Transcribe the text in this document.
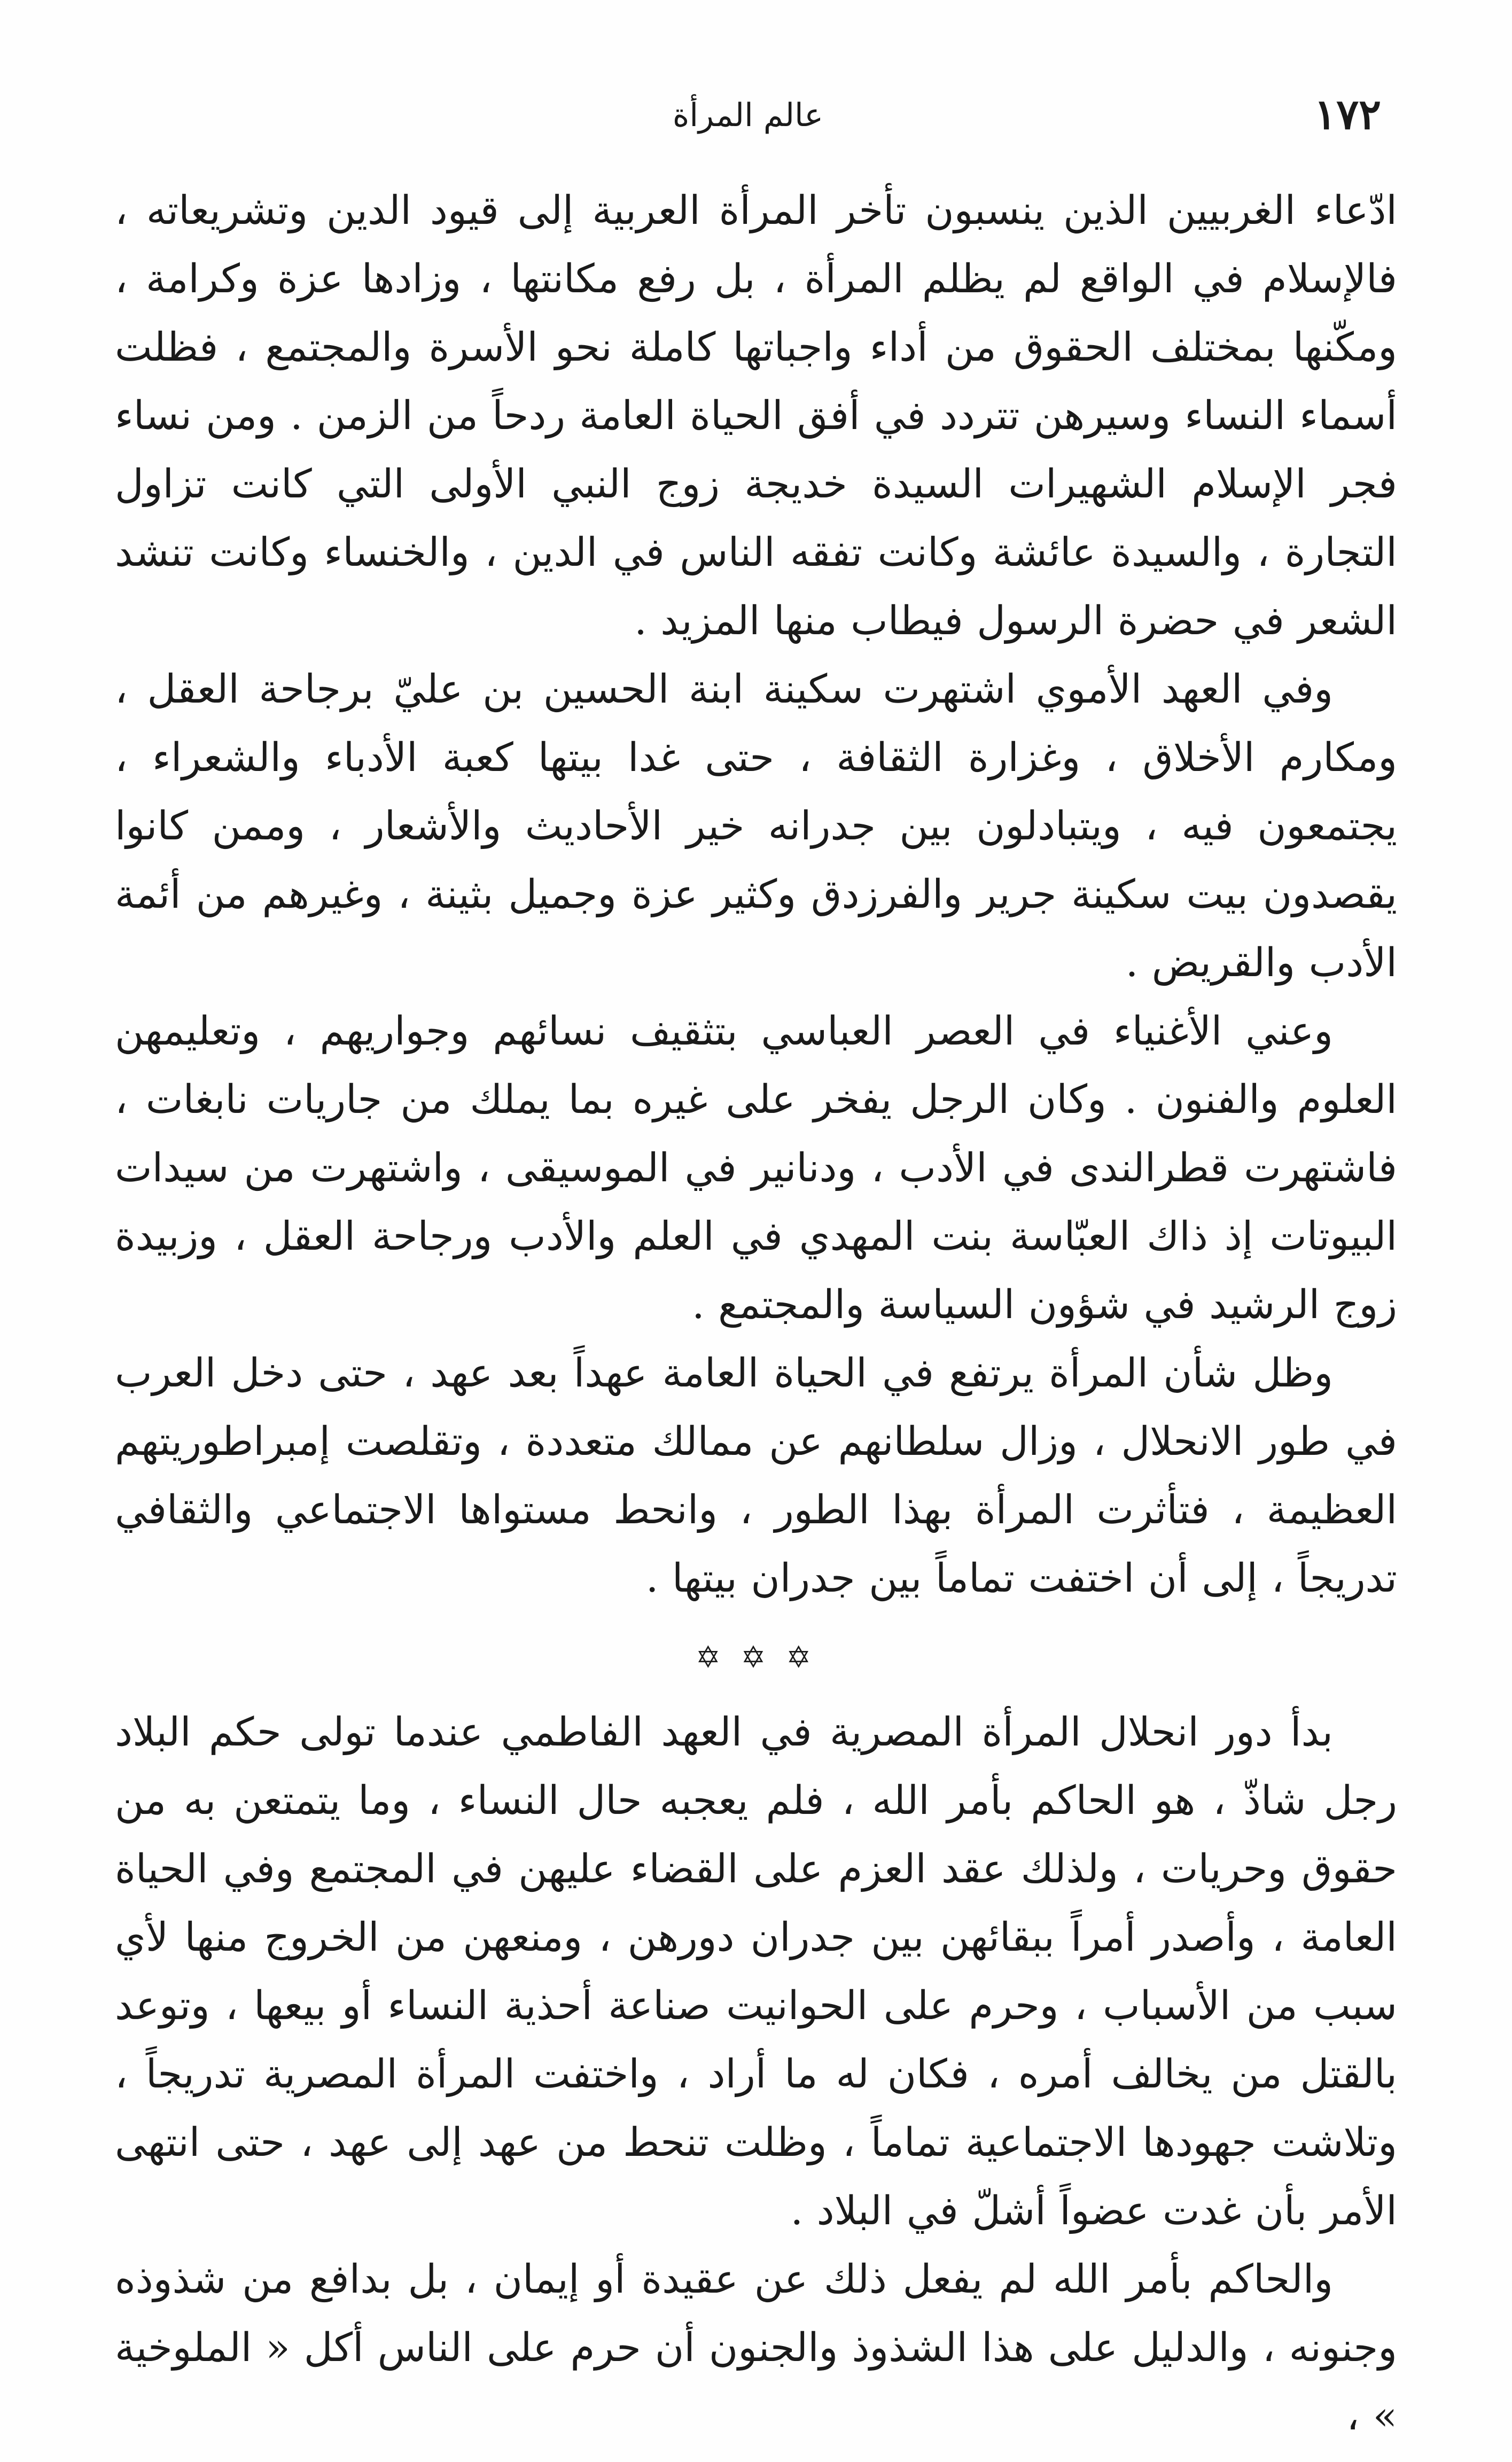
١٧٢
عالم المرأة

ادّعاء الغربيين الذين ينسبون تأخر المرأة العربية إلى قيود الدين وتشريعاته ، فالإسلام في الواقع لم يظلم المرأة ، بل رفع مكانتها ، وزادها عزة وكرامة ، ومكّنها بمختلف الحقوق من أداء واجباتها كاملة نحو الأسرة والمجتمع ، فظلت أسماء النساء وسيرهن تتردد في أفق الحياة العامة ردحاً من الزمن . ومن نساء فجر الإسلام الشهيرات السيدة خديجة زوج النبي الأولى التي كانت تزاول التجارة ، والسيدة عائشة وكانت تفقه الناس في الدين ، والخنساء وكانت تنشد الشعر في حضرة الرسول فيطاب منها المزيد .

وفي العهد الأموي اشتهرت سكينة ابنة الحسين بن عليّ برجاحة العقل ، ومكارم الأخلاق ، وغزارة الثقافة ، حتى غدا بيتها كعبة الأدباء والشعراء ، يجتمعون فيه ، ويتبادلون بين جدرانه خير الأحاديث والأشعار ، وممن كانوا يقصدون بيت سكينة جرير والفرزدق وكثير عزة وجميل بثينة ، وغيرهم من أئمة الأدب والقريض .

وعني الأغنياء في العصر العباسي بتثقيف نسائهم وجواريهم ، وتعليمهن العلوم والفنون . وكان الرجل يفخر على غيره بما يملك من جاريات نابغات ، فاشتهرت قطرالندى في الأدب ، ودنانير في الموسيقى ، واشتهرت من سيدات البيوتات إذ ذاك العبّاسة بنت المهدي في العلم والأدب ورجاحة العقل ، وزبيدة زوج الرشيد في شؤون السياسة والمجتمع .

وظل شأن المرأة يرتفع في الحياة العامة عهداً بعد عهد ، حتى دخل العرب في طور الانحلال ، وزال سلطانهم عن ممالك متعددة ، وتقلصت إمبراطوريتهم العظيمة ، فتأثرت المرأة بهذا الطور ، وانحط مستواها الاجتماعي والثقافي تدريجاً ، إلى أن اختفت تماماً بين جدران بيتها .

✡ ✡ ✡

بدأ دور انحلال المرأة المصرية في العهد الفاطمي عندما تولى حكم البلاد رجل شاذّ ، هو الحاكم بأمر الله ، فلم يعجبه حال النساء ، وما يتمتعن به من حقوق وحريات ، ولذلك عقد العزم على القضاء عليهن في المجتمع وفي الحياة العامة ، وأصدر أمراً ببقائهن بين جدران دورهن ، ومنعهن من الخروج منها لأي سبب من الأسباب ، وحرم على الحوانيت صناعة أحذية النساء أو بيعها ، وتوعد بالقتل من يخالف أمره ، فكان له ما أراد ، واختفت المرأة المصرية تدريجاً ، وتلاشت جهودها الاجتماعية تماماً ، وظلت تنحط من عهد إلى عهد ، حتى انتهى الأمر بأن غدت عضواً أشلّ في البلاد .

والحاكم بأمر الله لم يفعل ذلك عن عقيدة أو إيمان ، بل بدافع من شذوذه وجنونه ، والدليل على هذا الشذوذ والجنون أن حرم على الناس أكل « الملوخية » ،
